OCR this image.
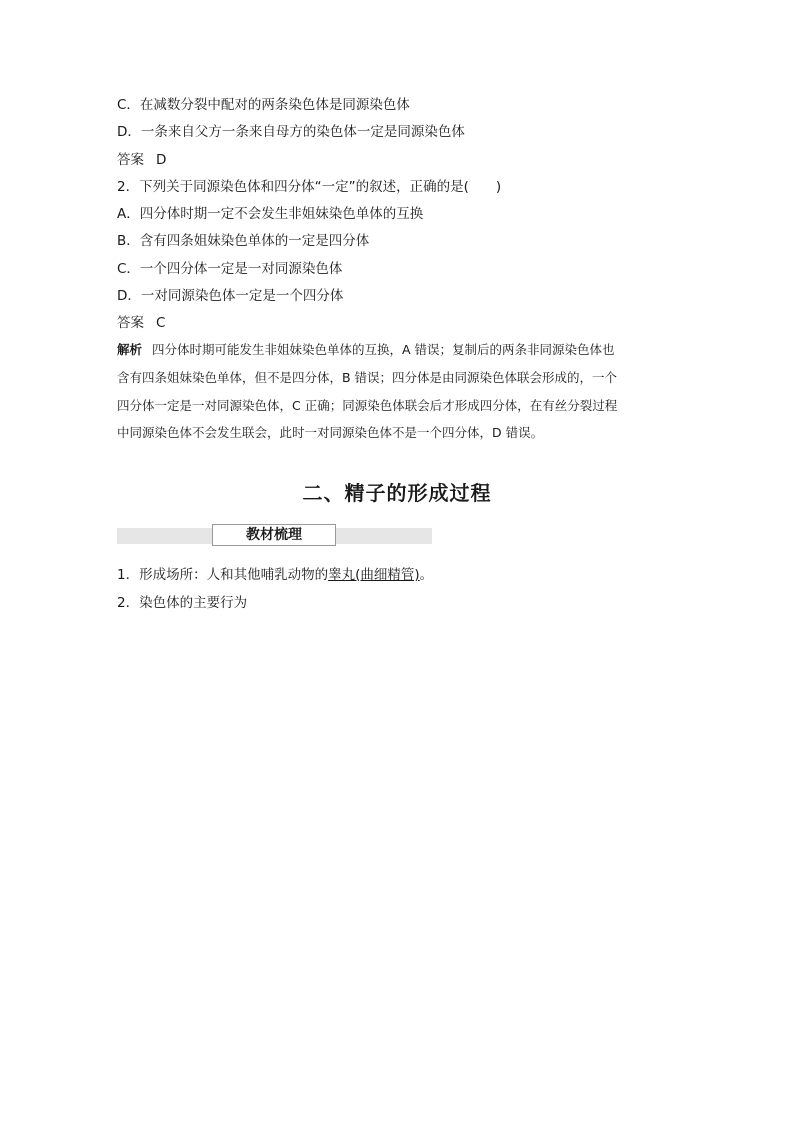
C．在减数分裂中配对的两条染色体是同源染色体
D．一条来自父方一条来自母方的染色体一定是同源染色体
答案 D
2．下列关于同源染色体和四分体“一定”的叙述，正确的是(　　)
A．四分体时期一定不会发生非姐妹染色单体的互换
B．含有四条姐妹染色单体的一定是四分体
C．一个四分体一定是一对同源染色体
D．一对同源染色体一定是一个四分体
答案 C
解析 四分体时期可能发生非姐妹染色单体的互换，A 错误；复制后的两条非同源染色体也
含有四条姐妹染色单体，但不是四分体，B 错误；四分体是由同源染色体联会形成的，一个
四分体一定是一对同源染色体，C 正确；同源染色体联会后才形成四分体，在有丝分裂过程
中同源染色体不会发生联会，此时一对同源染色体不是一个四分体，D 错误。
二、精子的形成过程
教材梳理
1．形成场所：人和其他哺乳动物的睾丸(曲细精管)。
2．染色体的主要行为
